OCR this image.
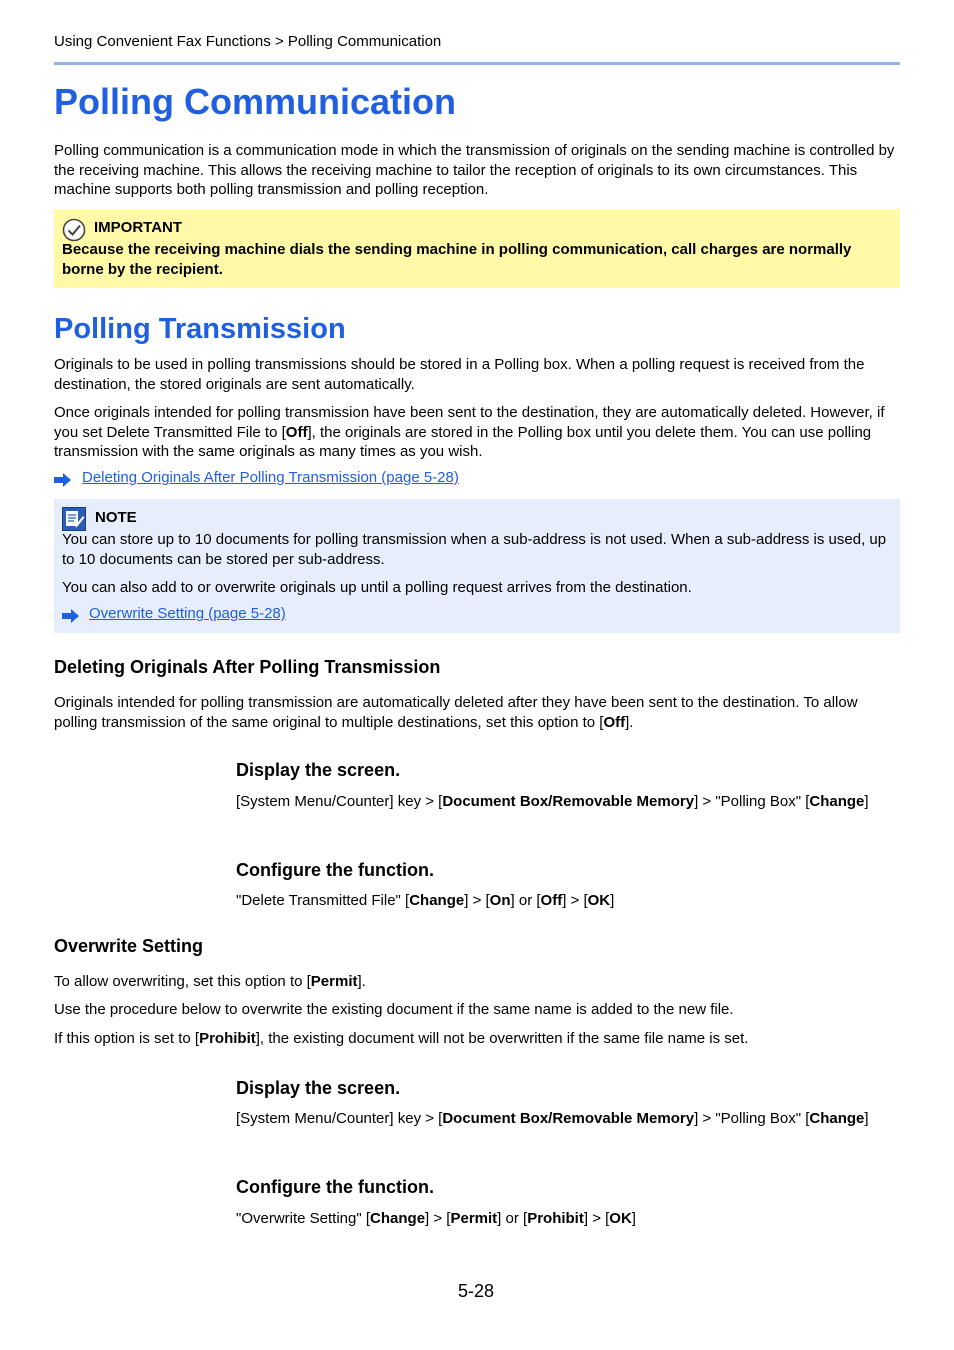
Using Convenient Fax Functions > Polling Communication
Polling Communication

Polling communication is a communication mode in which the transmission of originals on the sending machine is controlled by the receiving machine. This allows the receiving machine to tailor the reception of originals to its own circumstances. This machine supports both polling transmission and polling reception.

IMPORTANT

Because the receiving machine dials the sending machine in polling communication, call charges are normally borne by the recipient.

Polling Transmission

Originals to be used in polling transmissions should be stored in a Polling box. When a polling request is received from the destination, the stored originals are sent automatically.

Once originals intended for polling transmission have been sent to the destination, they are automatically deleted. However, if you set Delete Transmitted File to [Off], the originals are stored in the Polling box until you delete them. You can use polling transmission with the same originals as many times as you wish.

Deleting Originals After Polling Transmission (page 5-28)
NOTE

You can store up to 10 documents for polling transmission when a sub-address is not used. When a sub-address is used, up to 10 documents can be stored per sub-address.

You can also add to or overwrite originals up until a polling request arrives from the destination.

Overwrite Setting (page 5-28)
Deleting Originals After Polling Transmission

Originals intended for polling transmission are automatically deleted after they have been sent to the destination. To allow polling transmission of the same original to multiple destinations, set this option to [Off].

Display the screen.

[System Menu/Counter] key > [Document Box/Removable Memory] > "Polling Box" [Change]

Configure the function.

"Delete Transmitted File" [Change] > [On] or [Off] > [OK]

Overwrite Setting

To allow overwriting, set this option to [Permit].

Use the procedure below to overwrite the existing document if the same name is added to the new file.

If this option is set to [Prohibit], the existing document will not be overwritten if the same file name is set.

Display the screen.

[System Menu/Counter] key > [Document Box/Removable Memory] > "Polling Box" [Change]

Configure the function.

"Overwrite Setting" [Change] > [Permit] or [Prohibit] > [OK]

5-28
